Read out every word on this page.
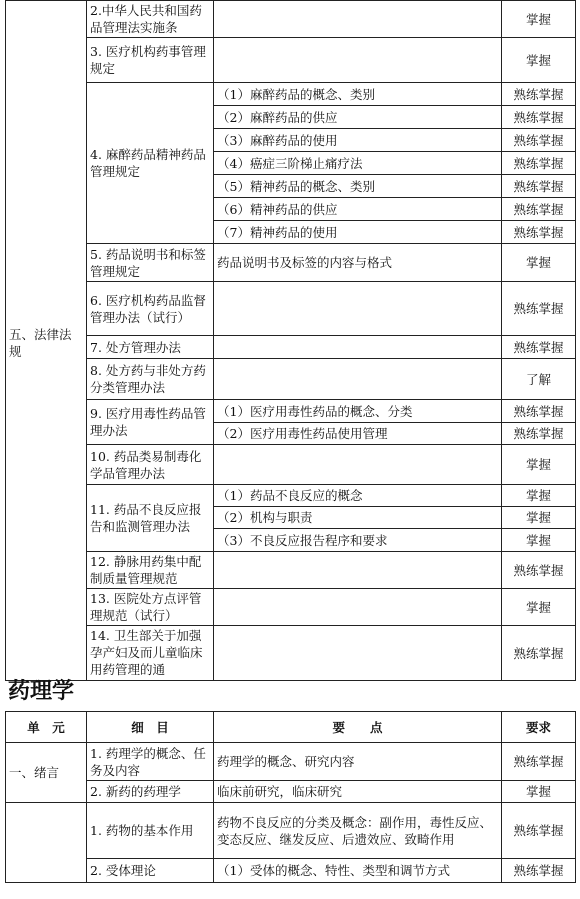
五、法律法规	2.中华人民共和国药品管理法实施条		掌握
	3. 医疗机构药事管理规定		掌握
	4. 麻醉药品精神药品管理规定	（1）麻醉药品的概念、类别	熟练掌握
		（2）麻醉药品的供应	熟练掌握
		（3）麻醉药品的使用	熟练掌握
		（4）癌症三阶梯止痛疗法	熟练掌握
		（5）精神药品的概念、类别	熟练掌握
		（6）精神药品的供应	熟练掌握
		（7）精神药品的使用	熟练掌握
	5. 药品说明书和标签管理规定	药品说明书及标签的内容与格式	掌握
	6. 医疗机构药品监督管理办法（试行）		熟练掌握
	7. 处方管理办法		熟练掌握
	8. 处方药与非处方药分类管理办法		了解
	9. 医疗用毒性药品管理办法	（1）医疗用毒性药品的概念、分类	熟练掌握
		（2）医疗用毒性药品使用管理	熟练掌握
	10. 药品类易制毒化学品管理办法		掌握
	11. 药品不良反应报告和监测管理办法	（1）药品不良反应的概念	掌握
		（2）机构与职责	掌握
		（3）不良反应报告程序和要求	掌握
	12. 静脉用药集中配制质量管理规范		熟练掌握
	13. 医院处方点评管理规范（试行）		掌握

	14. 卫生部关于加强孕产妇及而儿童临床用药管理的通		熟练掌握
药理学
单　元	细　目	要　　点	要求
一、绪言	1. 药理学的概念、任务及内容	药理学的概念、研究内容	熟练掌握
	2. 新药的药理学	临床前研究，临床研究	掌握
	1. 药物的基本作用	药物不良反应的分类及概念：副作用，毒性反应、变态反应、继发反应、后遗效应、致畸作用	熟练掌握
	2. 受体理论	（1）受体的概念、特性、类型和调节方式	熟练掌握
